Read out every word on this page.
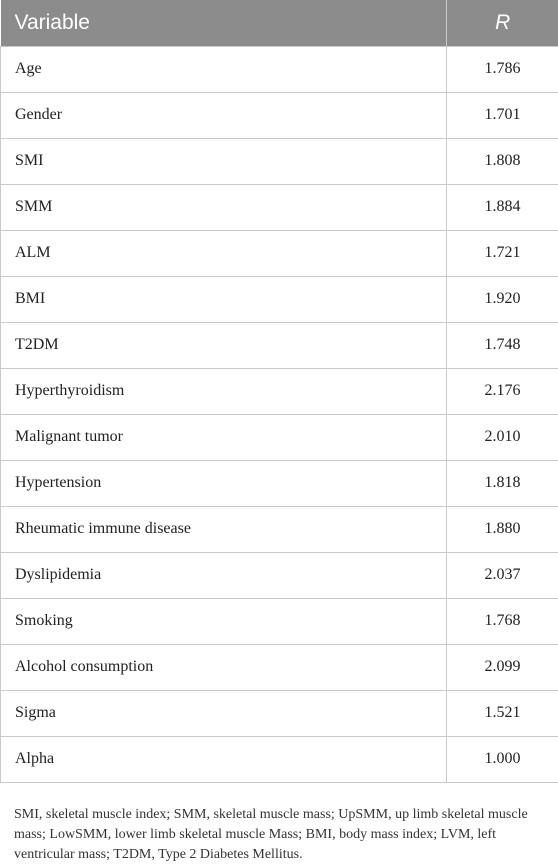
Variable	R
Age	1.786
Gender	1.701
SMI	1.808
SMM	1.884
ALM	1.721
BMI	1.920
T2DM	1.748
Hyperthyroidism	2.176
Malignant tumor	2.010
Hypertension	1.818
Rheumatic immune disease	1.880
Dyslipidemia	2.037
Smoking	1.768
Alcohol consumption	2.099
Sigma	1.521
Alpha	1.000

SMI, skeletal muscle index; SMM, skeletal muscle mass; UpSMM, up limb skeletal muscle mass; LowSMM, lower limb skeletal muscle Mass; BMI, body mass index; LVM, left ventricular mass; T2DM, Type 2 Diabetes Mellitus.
